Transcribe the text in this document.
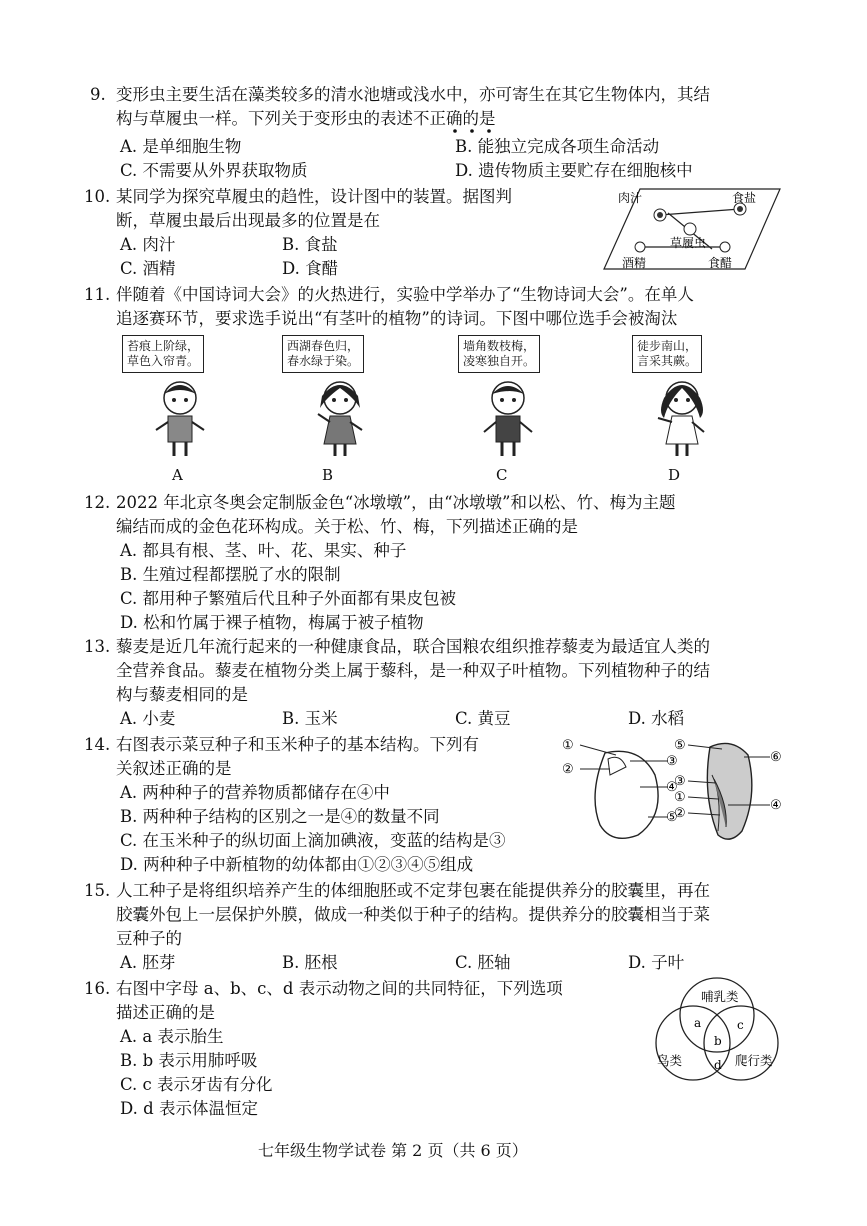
9. 变形虫主要生活在藻类较多的清水池塘或浅水中，亦可寄生在其它生物体内，其结
构与草履虫一样。下列关于变形虫的表述不正确的是
A. 是单细胞生物	B. 能独立完成各项生命活动
C. 不需要从外界获取物质	D. 遗传物质主要贮存在细胞核中
10. 某同学为探究草履虫的趋性，设计图中的装置。据图判
断，草履虫最后出现最多的位置是在
A. 肉汁	B. 食盐
C. 酒精	D. 食醋
肉汁	食盐
草履虫
酒精	食醋
11. 伴随着《中国诗词大会》的火热进行，实验中学举办了“生物诗词大会”。在单人
追逐赛环节，要求选手说出“有茎叶的植物”的诗词。下图中哪位选手会被淘汰
苔痕上阶绿，
草色入帘青。
西湖春色归，
春水绿于染。
墙角数枝梅，
凌寒独自开。
徒步南山，
言采其蕨。
A	B	C	D
12. 2022 年北京冬奥会定制版金色“冰墩墩”，由“冰墩墩”和以松、竹、梅为主题
编结而成的金色花环构成。关于松、竹、梅，下列描述正确的是
A. 都具有根、茎、叶、花、果实、种子
B. 生殖过程都摆脱了水的限制
C. 都用种子繁殖后代且种子外面都有果皮包被
D. 松和竹属于裸子植物，梅属于被子植物
13. 藜麦是近几年流行起来的一种健康食品，联合国粮农组织推荐藜麦为最适宜人类的
全营养食品。藜麦在植物分类上属于藜科，是一种双子叶植物。下列植物种子的结
构与藜麦相同的是
A. 小麦	B. 玉米	C. 黄豆	D. 水稻
14. 右图表示菜豆种子和玉米种子的基本结构。下列有
关叙述正确的是
A. 两种种子的营养物质都储存在④中
B. 两种种子结构的区别之一是④的数量不同
C. 在玉米种子的纵切面上滴加碘液，变蓝的结构是③
D. 两种种子中新植物的幼体都由①②③④⑤组成
①
②
③
④
⑤
⑤
⑥
③
①
④
②
15. 人工种子是将组织培养产生的体细胞胚或不定芽包裹在能提供养分的胶囊里，再在
胶囊外包上一层保护外膜，做成一种类似于种子的结构。提供养分的胶囊相当于菜
豆种子的
A. 胚芽	B. 胚根	C. 胚轴	D. 子叶
16. 右图中字母 a、b、c、d 表示动物之间的共同特征，下列选项
描述正确的是
A. a 表示胎生
B. b 表示用肺呼吸
C. c 表示牙齿有分化
D. d 表示体温恒定
哺乳类
鸟类	爬行类
a	c
b
d
七年级生物学试卷 第 2 页（共 6 页）
